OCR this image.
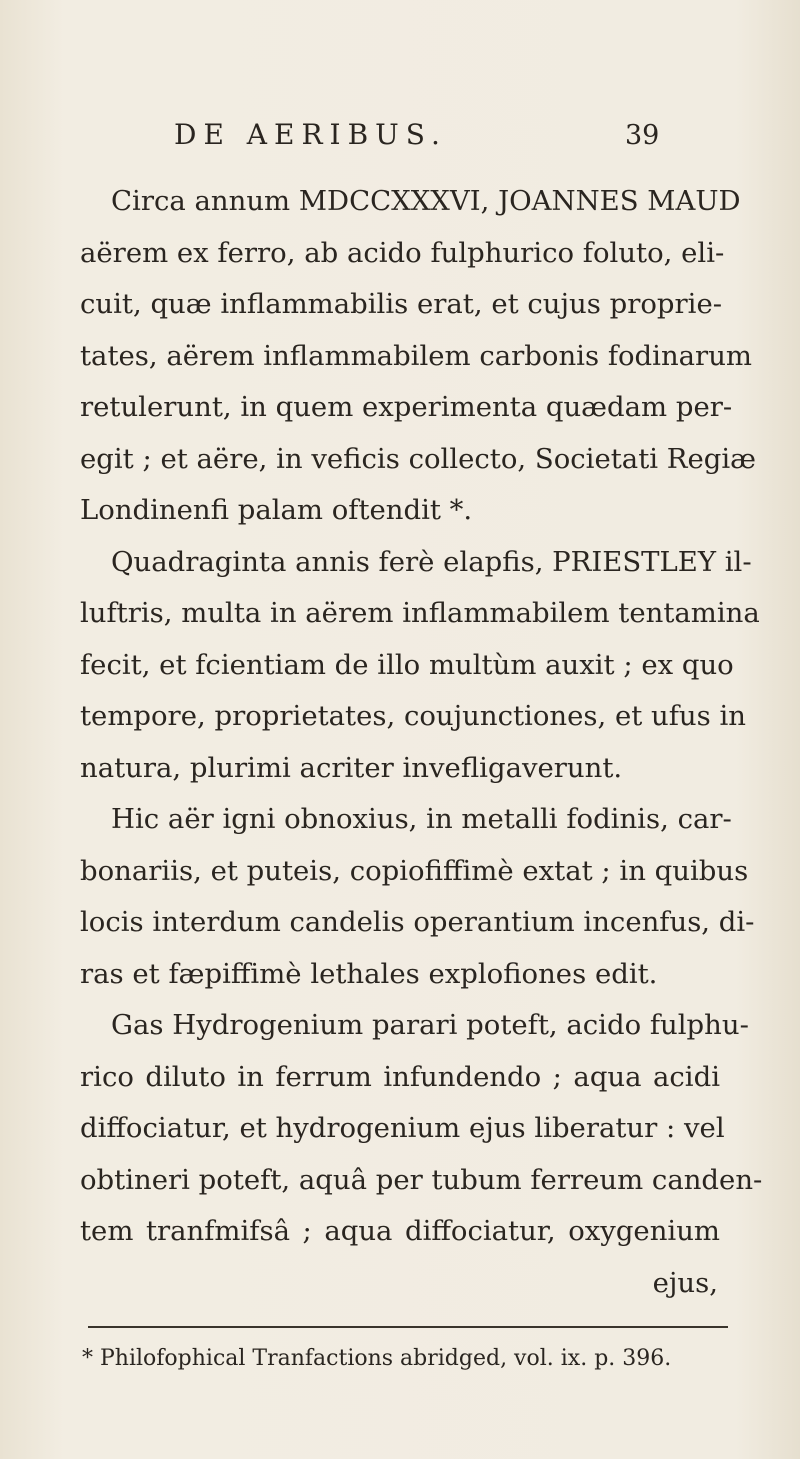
DE AERIBUS.	39
Circa annum MDCCXXXVI, JOANNES MAUD
aërem ex ferro, ab acido fulphurico foluto, eli-
cuit, quæ inflammabilis erat, et cujus proprie-
tates, aërem inflammabilem carbonis fodinarum
retulerunt, in quem experimenta quædam per-
egit ; et aëre, in veficis collecto, Societati Regiæ
Londinenfi palam oftendit *.
Quadraginta annis ferè elapfis, PRIESTLEY il-
luftris, multa in aërem inflammabilem tentamina
fecit, et fcientiam de illo multùm auxit ; ex quo
tempore, proprietates, coujunctiones, et ufus in
natura, plurimi acriter invefligaverunt.
Hic aër igni obnoxius, in metalli fodinis, car-
bonariis, et puteis, copiofiffimè extat ; in quibus
locis interdum candelis operantium incenfus, di-
ras et fæpiffimè lethales explofiones edit.
Gas Hydrogenium parari poteft, acido fulphu-
rico diluto in ferrum infundendo ; aqua acidi
diffociatur, et hydrogenium ejus liberatur : vel
obtineri poteft, aquâ per tubum ferreum canden-
tem tranfmifsâ ; aqua diffociatur, oxygenium
ejus,
* Philofophical Tranfactions abridged, vol. ix. p. 396.
